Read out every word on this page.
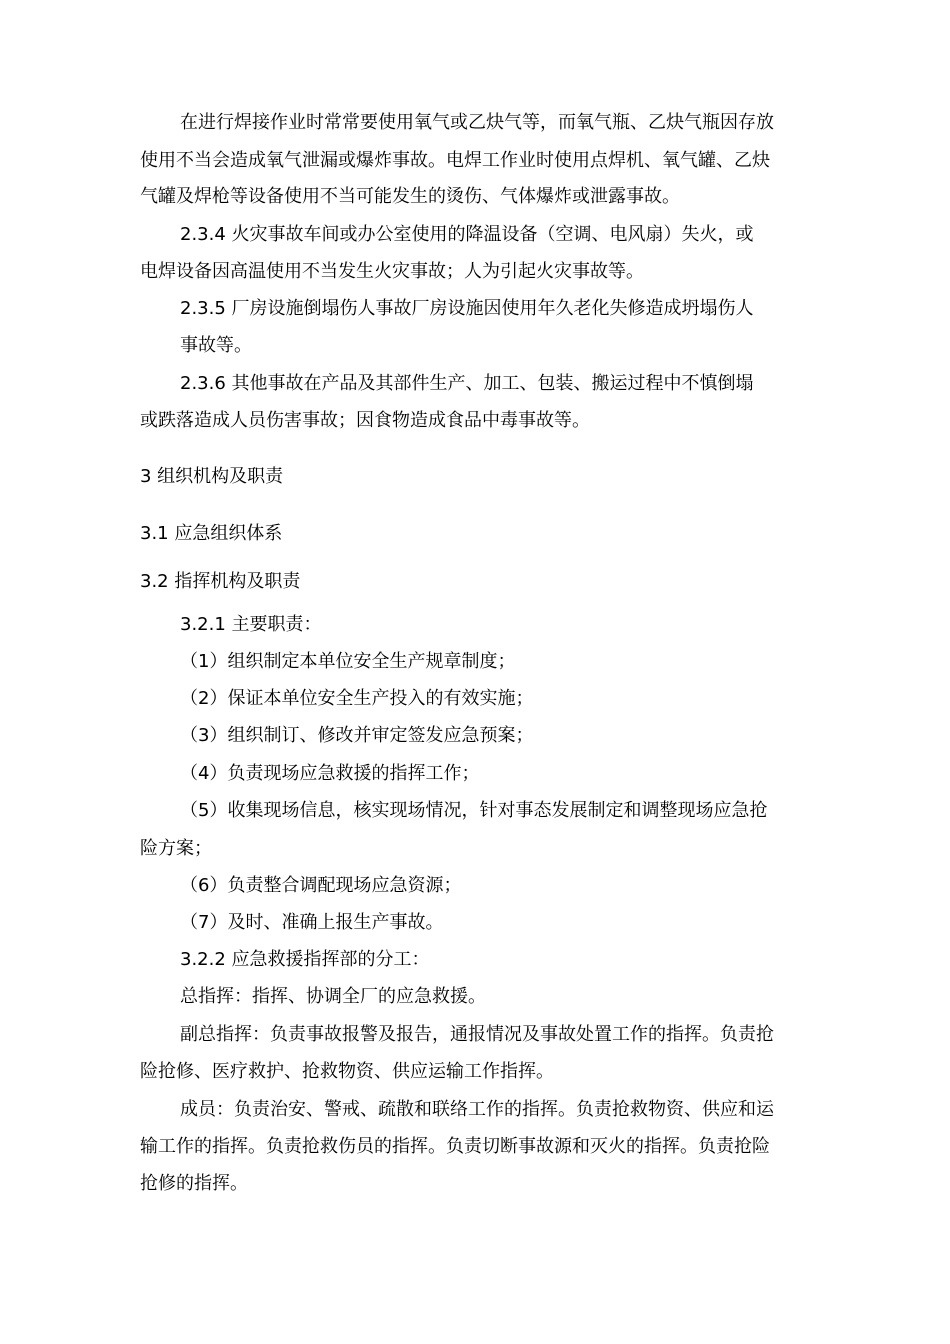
在进行焊接作业时常常要使用氧气或乙炔气等，而氧气瓶、乙炔气瓶因存放
使用不当会造成氧气泄漏或爆炸事故。电焊工作业时使用点焊机、氧气罐、乙炔
气罐及焊枪等设备使用不当可能发生的烫伤、气体爆炸或泄露事故。
2.3.4 火灾事故车间或办公室使用的降温设备（空调、电风扇）失火，或
电焊设备因高温使用不当发生火灾事故；人为引起火灾事故等。
2.3.5 厂房设施倒塌伤人事故厂房设施因使用年久老化失修造成坍塌伤人
事故等。
2.3.6 其他事故在产品及其部件生产、加工、包装、搬运过程中不慎倒塌
或跌落造成人员伤害事故；因食物造成食品中毒事故等。
3 组织机构及职责
3.1 应急组织体系
3.2 指挥机构及职责
3.2.1 主要职责：
（1）组织制定本单位安全生产规章制度；
（2）保证本单位安全生产投入的有效实施；
（3）组织制订、修改并审定签发应急预案；
（4）负责现场应急救援的指挥工作；
（5）收集现场信息，核实现场情况，针对事态发展制定和调整现场应急抢
险方案；
（6）负责整合调配现场应急资源；
（7）及时、准确上报生产事故。
3.2.2 应急救援指挥部的分工：
总指挥：指挥、协调全厂的应急救援。
副总指挥：负责事故报警及报告，通报情况及事故处置工作的指挥。负责抢
险抢修、医疗救护、抢救物资、供应运输工作指挥。
成员：负责治安、警戒、疏散和联络工作的指挥。负责抢救物资、供应和运
输工作的指挥。负责抢救伤员的指挥。负责切断事故源和灭火的指挥。负责抢险
抢修的指挥。
